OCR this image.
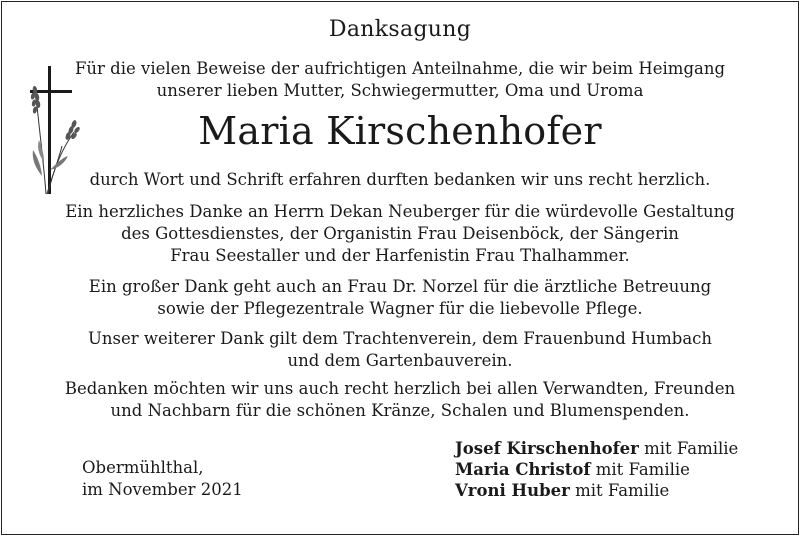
Danksagung
Für die vielen Beweise der aufrichtigen Anteilnahme, die wir beim Heimgang
unserer lieben Mutter, Schwiegermutter, Oma und Uroma
Maria Kirschenhofer
durch Wort und Schrift erfahren durften bedanken wir uns recht herzlich.
Ein herzliches Danke an Herrn Dekan Neuberger für die würdevolle Gestaltung
des Gottesdienstes, der Organistin Frau Deisenböck, der Sängerin
Frau Seestaller und der Harfenistin Frau Thalhammer.
Ein großer Dank geht auch an Frau Dr. Norzel für die ärztliche Betreuung
sowie der Pflegezentrale Wagner für die liebevolle Pflege.
Unser weiterer Dank gilt dem Trachtenverein, dem Frauenbund Humbach
und dem Gartenbauverein.
Bedanken möchten wir uns auch recht herzlich bei allen Verwandten, Freunden
und Nachbarn für die schönen Kränze, Schalen und Blumenspenden.
Obermühlthal,
im November 2021
Josef Kirschenhofer mit Familie
Maria Christof mit Familie
Vroni Huber mit Familie
